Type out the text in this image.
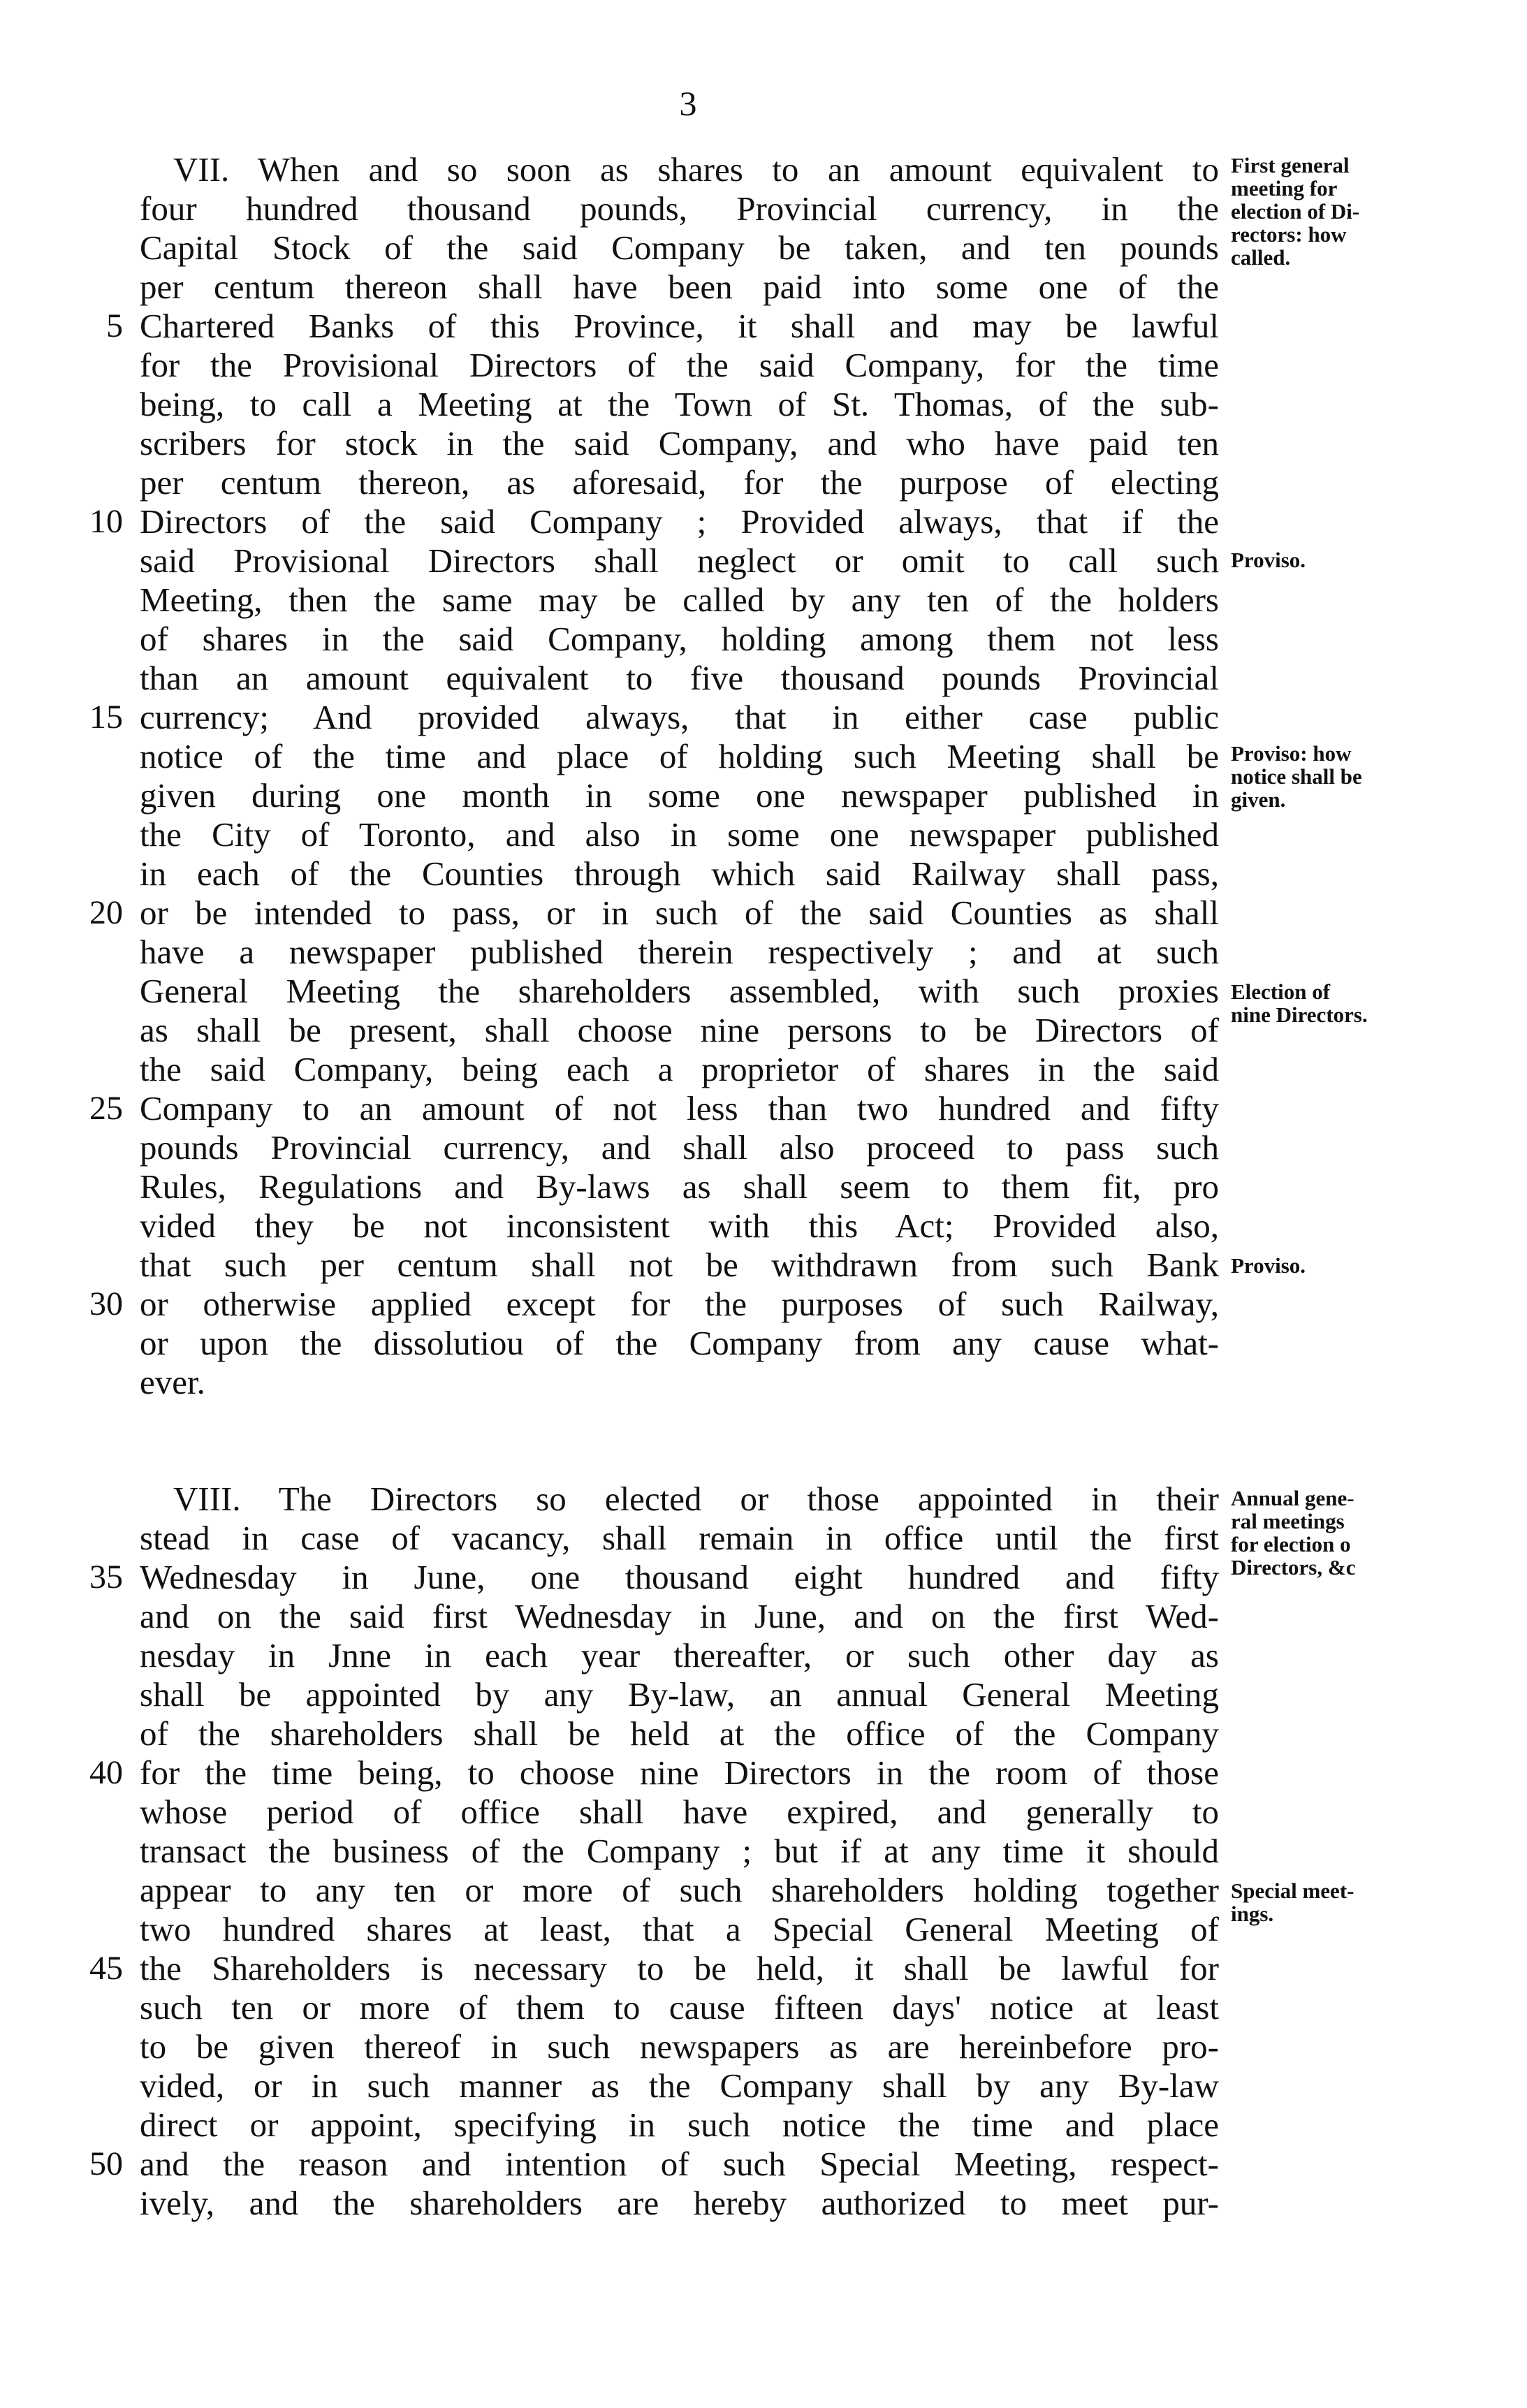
3
VII. When and so soon as shares to an amount equivalent to
four hundred thousand pounds, Provincial currency, in the
Capital Stock of the said Company be taken, and ten pounds
per centum thereon shall have been paid into some one of the
Chartered Banks of this Province, it shall and may be lawful
5
for the Provisional Directors of the said Company, for the time
being, to call a Meeting at the Town of St. Thomas, of the sub-
scribers for stock in the said Company, and who have paid ten
per centum thereon, as aforesaid, for the purpose of electing
Directors of the said Company ; Provided always, that if the
10
said Provisional Directors shall neglect or omit to call such
Meeting, then the same may be called by any ten of the holders
of shares in the said Company, holding among them not less
than an amount equivalent to five thousand pounds Provincial
currency; And provided always, that in either case public
15
notice of the time and place of holding such Meeting shall be
given during one month in some one newspaper published in
the City of Toronto, and also in some one newspaper published
in each of the Counties through which said Railway shall pass,
or be intended to pass, or in such of the said Counties as shall
20
have a newspaper published therein respectively ; and at such
General Meeting the shareholders assembled, with such proxies
as shall be present, shall choose nine persons to be Directors of
the said Company, being each a proprietor of shares in the said
Company to an amount of not less than two hundred and fifty
25
pounds Provincial currency, and shall also proceed to pass such
Rules, Regulations and By-laws as shall seem to them fit, pro
vided they be not inconsistent with this Act; Provided also,
that such per centum shall not be withdrawn from such Bank
or otherwise applied except for the purposes of such Railway,
30
or upon the dissolutiou of the Company from any cause what-
ever.
VIII. The Directors so elected or those appointed in their
stead in case of vacancy, shall remain in office until the first
Wednesday in June, one thousand eight hundred and fifty
35
and on the said first Wednesday in June, and on the first Wed-
nesday in Jnne in each year thereafter, or such other day as
shall be appointed by any By-law, an annual General Meeting
of the shareholders shall be held at the office of the Company
for the time being, to choose nine Directors in the room of those
40
whose period of office shall have expired, and generally to
transact the business of the Company ; but if at any time it should
appear to any ten or more of such shareholders holding together
two hundred shares at least, that a Special General Meeting of
the Shareholders is necessary to be held, it shall be lawful for
45
such ten or more of them to cause fifteen days' notice at least
to be given thereof in such newspapers as are hereinbefore pro-
vided, or in such manner as the Company shall by any By-law
direct or appoint, specifying in such notice the time and place
and the reason and intention of such Special Meeting, respect-
50
ively, and the shareholders are hereby authorized to meet pur-
First general
meeting for
election of Di-
rectors: how
called.
Proviso.
Proviso: how
notice shall be
given.
Election of
nine Directors.
Proviso.
Annual gene-
ral meetings
for election o
Directors, &c
Special meet-
ings.
